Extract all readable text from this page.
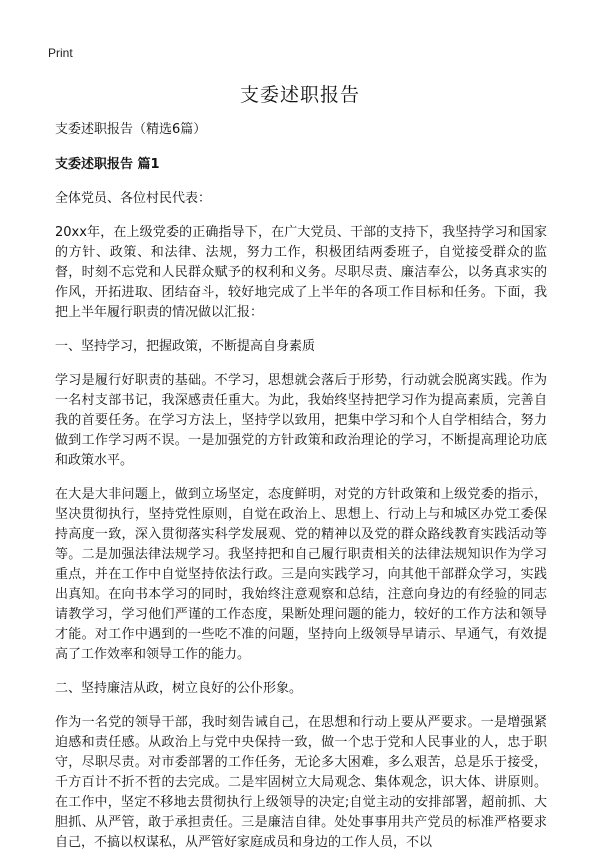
Print
支委述职报告

支委述职报告（精选6篇）

支委述职报告 篇1

全体党员、各位村民代表：

20xx年，在上级党委的正确指导下，在广大党员、干部的支持下，我坚持学习和国家的方针、政策、和法律、法规，努力工作，积极团结两委班子，自觉接受群众的监督，时刻不忘党和人民群众赋予的权利和义务。尽职尽责、廉洁奉公，以务真求实的作风，开拓进取、团结奋斗，较好地完成了上半年的各项工作目标和任务。下面，我把上半年履行职责的情况做以汇报：

一、坚持学习，把握政策，不断提高自身素质

学习是履行好职责的基础。不学习，思想就会落后于形势，行动就会脱离实践。作为一名村支部书记，我深感责任重大。为此，我始终坚持把学习作为提高素质，完善自我的首要任务。在学习方法上，坚持学以致用，把集中学习和个人自学相结合，努力做到工作学习两不误。一是加强党的方针政策和政治理论的学习，不断提高理论功底和政策水平。

在大是大非问题上，做到立场坚定，态度鲜明，对党的方针政策和上级党委的指示，坚决贯彻执行，坚持党性原则，自觉在政治上、思想上、行动上与和城区办党工委保持高度一致，深入贯彻落实科学发展观、党的精神以及党的群众路线教育实践活动等等。二是加强法律法规学习。我坚持把和自己履行职责相关的法律法规知识作为学习重点，并在工作中自觉坚持依法行政。三是向实践学习，向其他干部群众学习，实践出真知。在向书本学习的同时，我始终注意观察和总结，注意向身边的有经验的同志请教学习，学习他们严谨的工作态度，果断处理问题的能力，较好的工作方法和领导才能。对工作中遇到的一些吃不准的问题，坚持向上级领导早请示、早通气，有效提高了工作效率和领导工作的能力。

二、坚持廉洁从政，树立良好的公仆形象。

作为一名党的领导干部，我时刻告诫自己，在思想和行动上要从严要求。一是增强紧迫感和责任感。从政治上与党中央保持一致，做一个忠于党和人民事业的人，忠于职守，尽职尽责。对市委部署的工作任务，无论多大困难，多么艰苦，总是乐于接受，千方百计不折不哲的去完成。二是牢固树立大局观念、集体观念，识大体、讲原则。在工作中，坚定不移地去贯彻执行上级领导的决定;自觉主动的安排部署，超前抓、大胆抓、从严管，敢于承担责任。三是廉洁自律。处处事事用共产党员的标准严格要求自己，不搞以权谋私，从严管好家庭成员和身边的工作人员，不以
